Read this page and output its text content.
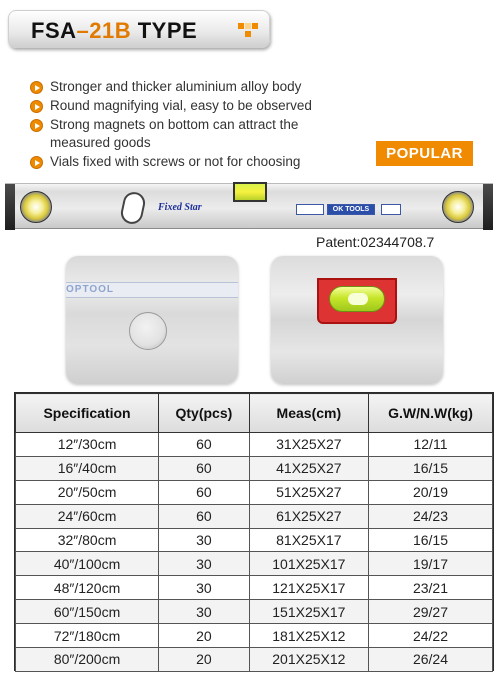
FSA–21B TYPE
Stronger and thicker aluminium alloy body
Round magnifying vial, easy to be observed
Strong magnets on bottom can attract the measured goods
Vials fixed with screws or not for choosing	POPULAR
Fixed Star	OK TOOLS
Patent:02344708.7
OPTOOL
Specification	Qty(pcs)	Meas(cm)	G.W/N.W(kg)
12″/30cm	60	31X25X27	12/11
16″/40cm	60	41X25X27	16/15
20″/50cm	60	51X25X27	20/19
24″/60cm	60	61X25X27	24/23
32″/80cm	30	81X25X17	16/15
40″/100cm	30	101X25X17	19/17
48″/120cm	30	121X25X17	23/21
60″/150cm	30	151X25X17	29/27
72″/180cm	20	181X25X12	24/22
80″/200cm	20	201X25X12	26/24
